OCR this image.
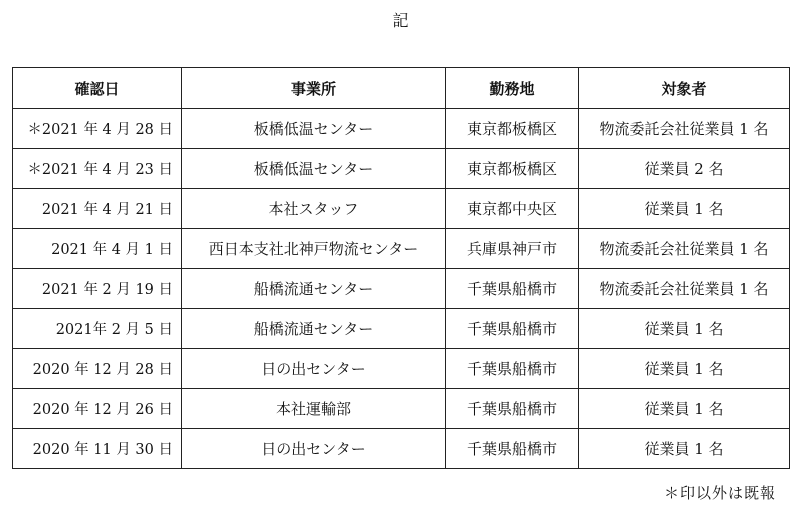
記
確認日	事業所	勤務地	対象者
＊2021 年 4 月 28 日	板橋低温センター	東京都板橋区	物流委託会社従業員 1 名
＊2021 年 4 月 23 日	板橋低温センター	東京都板橋区	従業員 2 名
2021 年 4 月 21 日	本社スタッフ	東京都中央区	従業員 1 名
2021 年 4 月 1 日	西日本支社北神戸物流センター	兵庫県神戸市	物流委託会社従業員 1 名
2021 年 2 月 19 日	船橋流通センター	千葉県船橋市	物流委託会社従業員 1 名
2021年 2 月 5 日	船橋流通センター	千葉県船橋市	従業員 1 名
2020 年 12 月 28 日	日の出センター	千葉県船橋市	従業員 1 名
2020 年 12 月 26 日	本社運輸部	千葉県船橋市	従業員 1 名
2020 年 11 月 30 日	日の出センター	千葉県船橋市	従業員 1 名
＊印以外は既報
